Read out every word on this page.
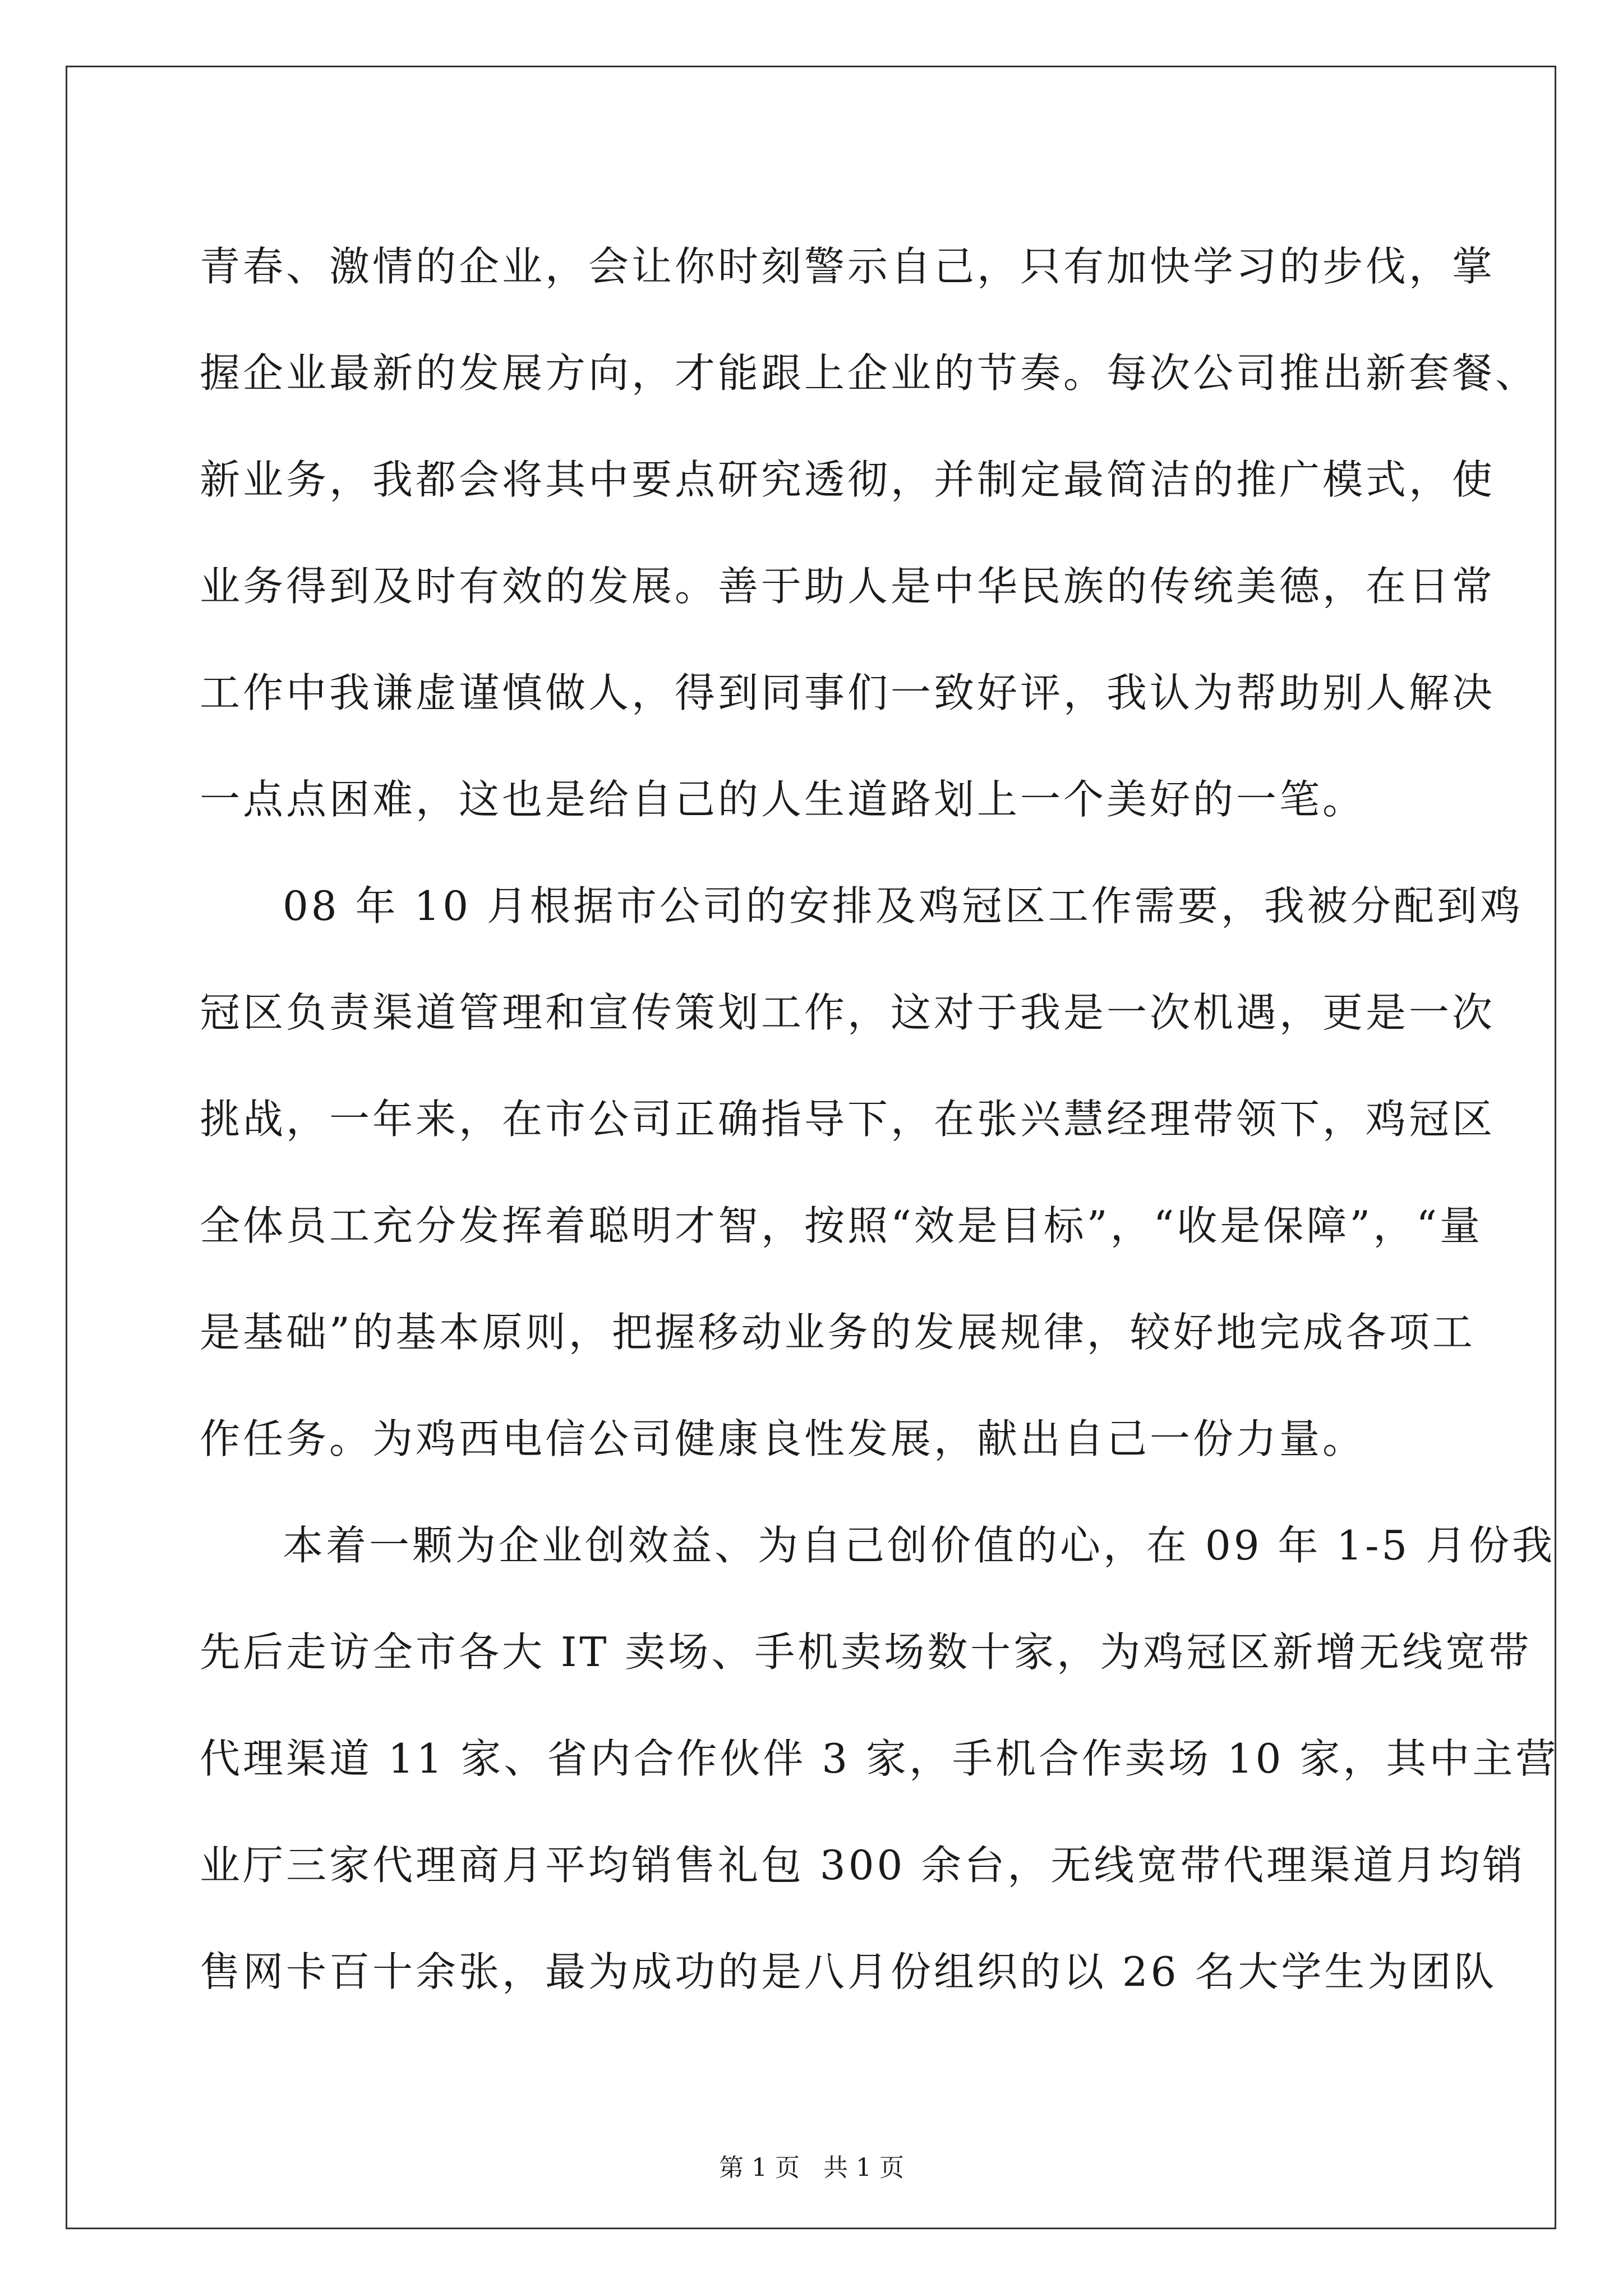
青春、激情的企业，会让你时刻警示自己，只有加快学习的步伐，掌
握企业最新的发展方向，才能跟上企业的节奏。每次公司推出新套餐、
新业务，我都会将其中要点研究透彻，并制定最简洁的推广模式，使
业务得到及时有效的发展。善于助人是中华民族的传统美德，在日常
工作中我谦虚谨慎做人，得到同事们一致好评，我认为帮助别人解决
一点点困难，这也是给自己的人生道路划上一个美好的一笔。
08 年 10 月根据市公司的安排及鸡冠区工作需要，我被分配到鸡
冠区负责渠道管理和宣传策划工作，这对于我是一次机遇，更是一次
挑战，一年来，在市公司正确指导下，在张兴慧经理带领下，鸡冠区
全体员工充分发挥着聪明才智，按照“效是目标”，“收是保障”，“量
是基础”的基本原则，把握移动业务的发展规律，较好地完成各项工
作任务。为鸡西电信公司健康良性发展，献出自己一份力量。
本着一颗为企业创效益、为自己创价值的心，在 09 年 1-5 月份我
先后走访全市各大 IT 卖场、手机卖场数十家，为鸡冠区新增无线宽带
代理渠道 11 家、省内合作伙伴 3 家，手机合作卖场 10 家，其中主营
业厅三家代理商月平均销售礼包 300 余台，无线宽带代理渠道月均销
售网卡百十余张，最为成功的是八月份组织的以 26 名大学生为团队
第 1 页   共 1 页
